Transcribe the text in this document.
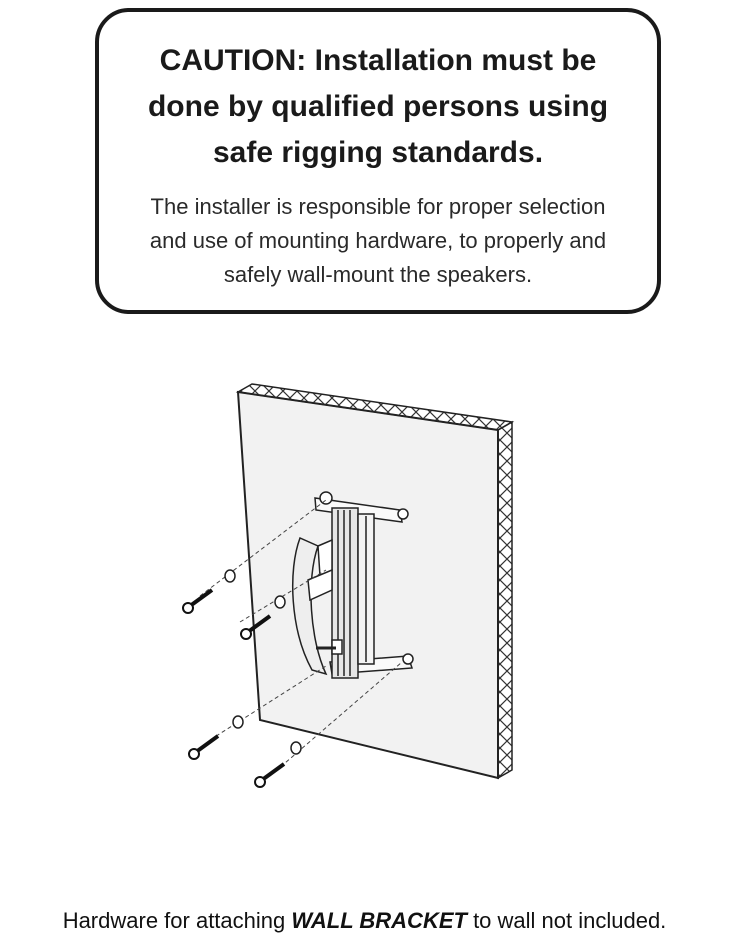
CAUTION: Installation must be
done by qualified persons using
safe rigging standards.
The installer is responsible for proper selection
and use of mounting hardware, to properly and
safely wall-mount the speakers.
Hardware for attaching WALL BRACKET to wall not included.
